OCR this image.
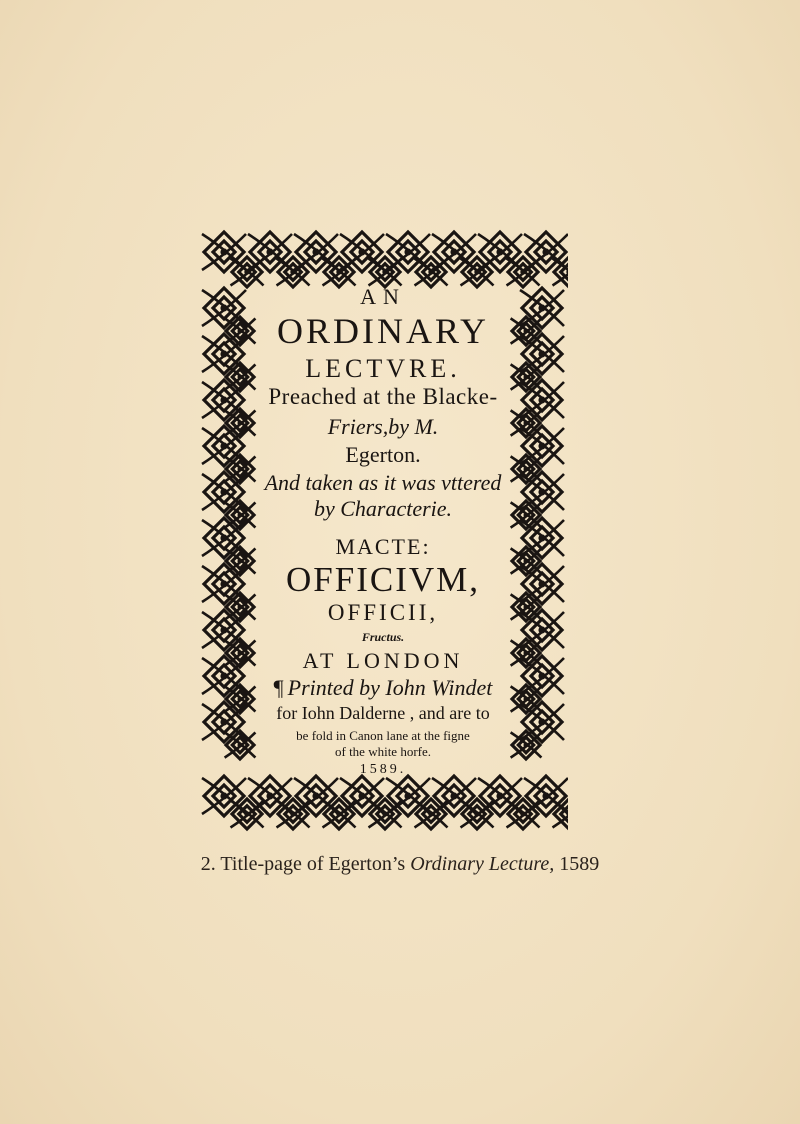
AN
ORDINARY
LECTVRE.
Preached at the Blacke-
Friers,by M.
Egerton.
And taken as it was vttered
by Characterie.
MACTE:
OFFICIVM,
OFFICII,
Fructus.
AT LONDON
¶ Printed by Iohn Windet
for Iohn Dalderne , and are to
be fold in Canon lane at the figne
of the white horfe.
1589.
2. Title-page of Egerton’s Ordinary Lecture, 1589
